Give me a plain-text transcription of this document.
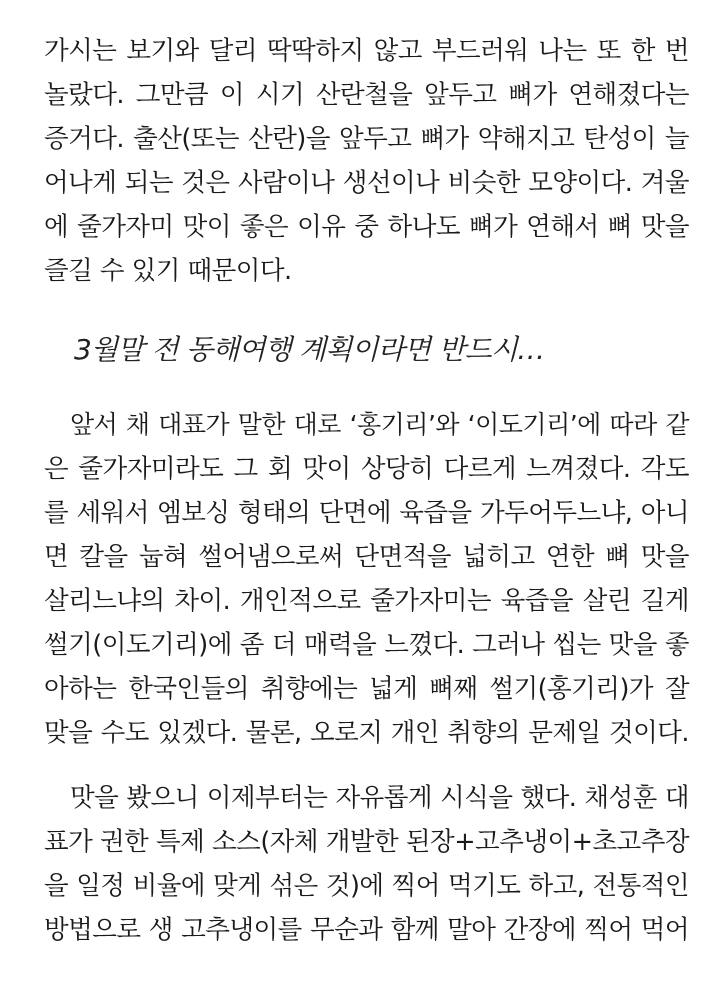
가시는 보기와 달리 딱딱하지 않고 부드러워 나는 또 한 번
놀랐다. 그만큼 이 시기 산란철을 앞두고 뼈가 연해졌다는
증거다. 출산(또는 산란)을 앞두고 뼈가 약해지고 탄성이 늘
어나게 되는 것은 사람이나 생선이나 비슷한 모양이다. 겨울
에 줄가자미 맛이 좋은 이유 중 하나도 뼈가 연해서 뼈 맛을
즐길 수 있기 때문이다.
3월말 전 동해여행 계획이라면 반드시…
앞서 채 대표가 말한 대로 ‘홍기리’와 ‘이도기리’에 따라 같
은 줄가자미라도 그 회 맛이 상당히 다르게 느껴졌다. 각도
를 세워서 엠보싱 형태의 단면에 육즙을 가두어두느냐, 아니
면 칼을 눕혀 썰어냄으로써 단면적을 넓히고 연한 뼈 맛을
살리느냐의 차이. 개인적으로 줄가자미는 육즙을 살린 길게
썰기(이도기리)에 좀 더 매력을 느꼈다. 그러나 씹는 맛을 좋
아하는 한국인들의 취향에는 넓게 뼈째 썰기(홍기리)가 잘
맞을 수도 있겠다. 물론, 오로지 개인 취향의 문제일 것이다.
맛을 봤으니 이제부터는 자유롭게 시식을 했다. 채성훈 대
표가 권한 특제 소스(자체 개발한 된장+고추냉이+초고추장
을 일정 비율에 맞게 섞은 것)에 찍어 먹기도 하고, 전통적인
방법으로 생 고추냉이를 무순과 함께 말아 간장에 찍어 먹어
